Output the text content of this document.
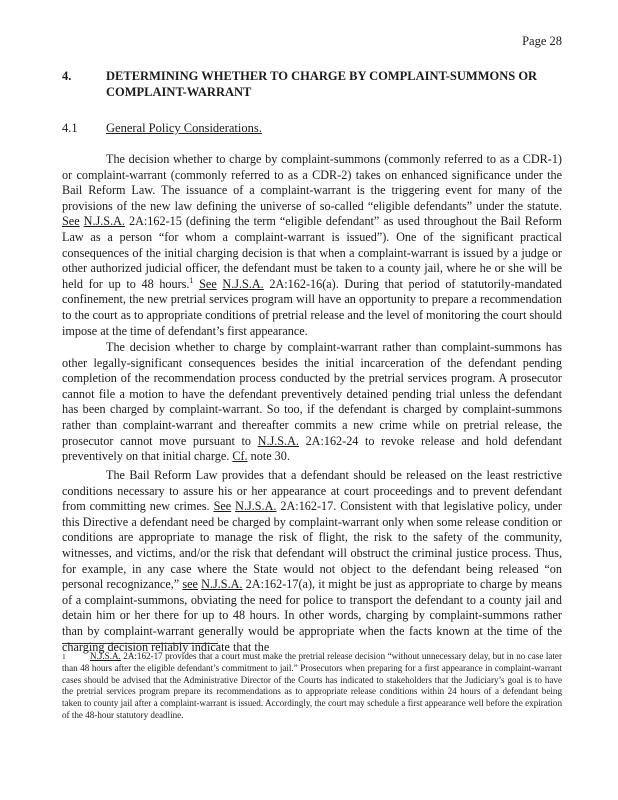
Page 28
4.	DETERMINING WHETHER TO CHARGE BY COMPLAINT-SUMMONS OR COMPLAINT-WARRANT
4.1 General Policy Considerations.

The decision whether to charge by complaint-summons (commonly referred to as a CDR-1) or complaint-warrant (commonly referred to as a CDR-2) takes on enhanced significance under the Bail Reform Law. The issuance of a complaint-warrant is the triggering event for many of the provisions of the new law defining the universe of so-called “eligible defendants” under the statute. See N.J.S.A. 2A:162-15 (defining the term “eligible defendant” as used throughout the Bail Reform Law as a person “for whom a complaint-warrant is issued”). One of the significant practical consequences of the initial charging decision is that when a complaint-warrant is issued by a judge or other authorized judicial officer, the defendant must be taken to a county jail, where he or she will be held for up to 48 hours.$^1$ See N.J.S.A. 2A:162-16(a). During that period of statutorily-mandated confinement, the new pretrial services program will have an opportunity to prepare a recommendation to the court as to appropriate conditions of pretrial release and the level of monitoring the court should impose at the time of defendant’s first appearance.

The decision whether to charge by complaint-warrant rather than complaint-summons has other legally-significant consequences besides the initial incarceration of the defendant pending completion of the recommendation process conducted by the pretrial services program. A prosecutor cannot file a motion to have the defendant preventively detained pending trial unless the defendant has been charged by complaint-warrant. So too, if the defendant is charged by complaint-summons rather than complaint-warrant and thereafter commits a new crime while on pretrial release, the prosecutor cannot move pursuant to N.J.S.A. 2A:162-24 to revoke release and hold defendant preventively on that initial charge. Cf. note 30.

The Bail Reform Law provides that a defendant should be released on the least restrictive conditions necessary to assure his or her appearance at court proceedings and to prevent defendant from committing new crimes. See N.J.S.A. 2A:162-17. Consistent with that legislative policy, under this Directive a defendant need be charged by complaint-warrant only when some release condition or conditions are appropriate to manage the risk of flight, the risk to the safety of the community, witnesses, and victims, and/or the risk that defendant will obstruct the criminal justice process. Thus, for example, in any case where the State would not object to the defendant being released “on personal recognizance,” see N.J.S.A. 2A:162-17(a), it might be just as appropriate to charge by means of a complaint-summons, obviating the need for police to transport the defendant to a county jail and detain him or her there for up to 48 hours. In other words, charging by complaint-summons rather than by complaint-warrant generally would be appropriate when the facts known at the time of the charging decision reliably indicate that the

1	N.J.S.A. 2A:162-17 provides that a court must make the pretrial release decision “without unnecessary delay, but in no case later than 48 hours after the eligible defendant’s commitment to jail.” Prosecutors when preparing for a first appearance in complaint-warrant cases should be advised that the Administrative Director of the Courts has indicated to stakeholders that the Judiciary’s goal is to have the pretrial services program prepare its recommendations as to appropriate release conditions within 24 hours of a defendant being taken to county jail after a complaint-warrant is issued. Accordingly, the court may schedule a first appearance well before the expiration of the 48-hour statutory deadline.
